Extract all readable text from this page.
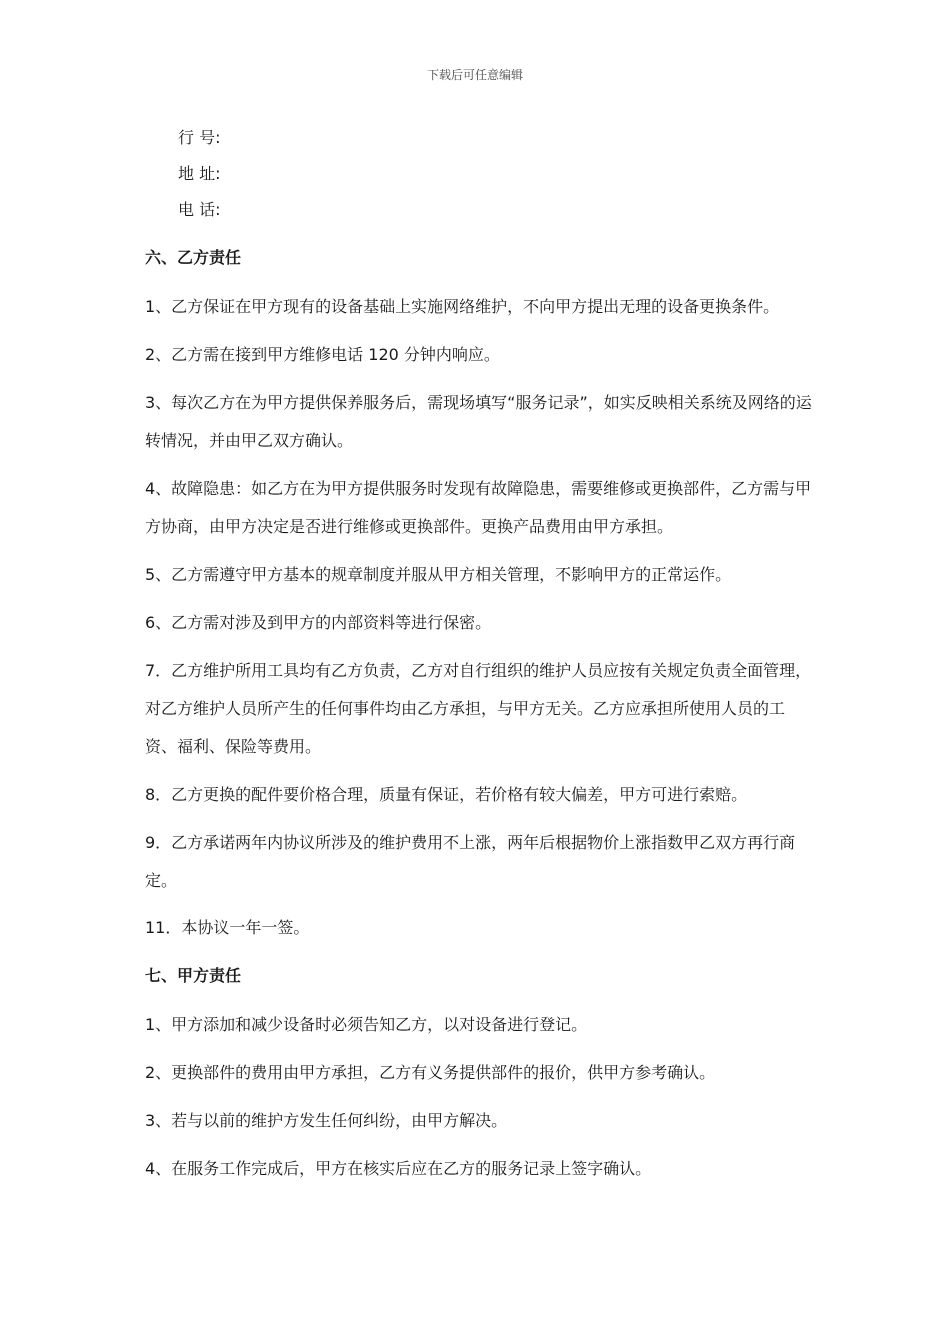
下载后可任意编辑
行 号:
地 址:
电 话:
六、乙方责任

1、乙方保证在甲方现有的设备基础上实施网络维护，不向甲方提出无理的设备更换条件。

2、乙方需在接到甲方维修电话 120 分钟内响应。

3、每次乙方在为甲方提供保养服务后，需现场填写“服务记录”，如实反映相关系统及网络的运转情况，并由甲乙双方确认。

4、故障隐患：如乙方在为甲方提供服务时发现有故障隐患，需要维修或更换部件，乙方需与甲方协商，由甲方决定是否进行维修或更换部件。更换产品费用由甲方承担。

5、乙方需遵守甲方基本的规章制度并服从甲方相关管理，不影响甲方的正常运作。

6、乙方需对涉及到甲方的内部资料等进行保密。

7．乙方维护所用工具均有乙方负责，乙方对自行组织的维护人员应按有关规定负责全面管理，对乙方维护人员所产生的任何事件均由乙方承担，与甲方无关。乙方应承担所使用人员的工资、福利、保险等费用。

8．乙方更换的配件要价格合理，质量有保证，若价格有较大偏差，甲方可进行索赔。

9．乙方承诺两年内协议所涉及的维护费用不上涨，两年后根据物价上涨指数甲乙双方再行商定。

11．本协议一年一签。

七、甲方责任

1、甲方添加和减少设备时必须告知乙方，以对设备进行登记。

2、更换部件的费用由甲方承担，乙方有义务提供部件的报价，供甲方参考确认。

3、若与以前的维护方发生任何纠纷，由甲方解决。

4、在服务工作完成后，甲方在核实后应在乙方的服务记录上签字确认。
